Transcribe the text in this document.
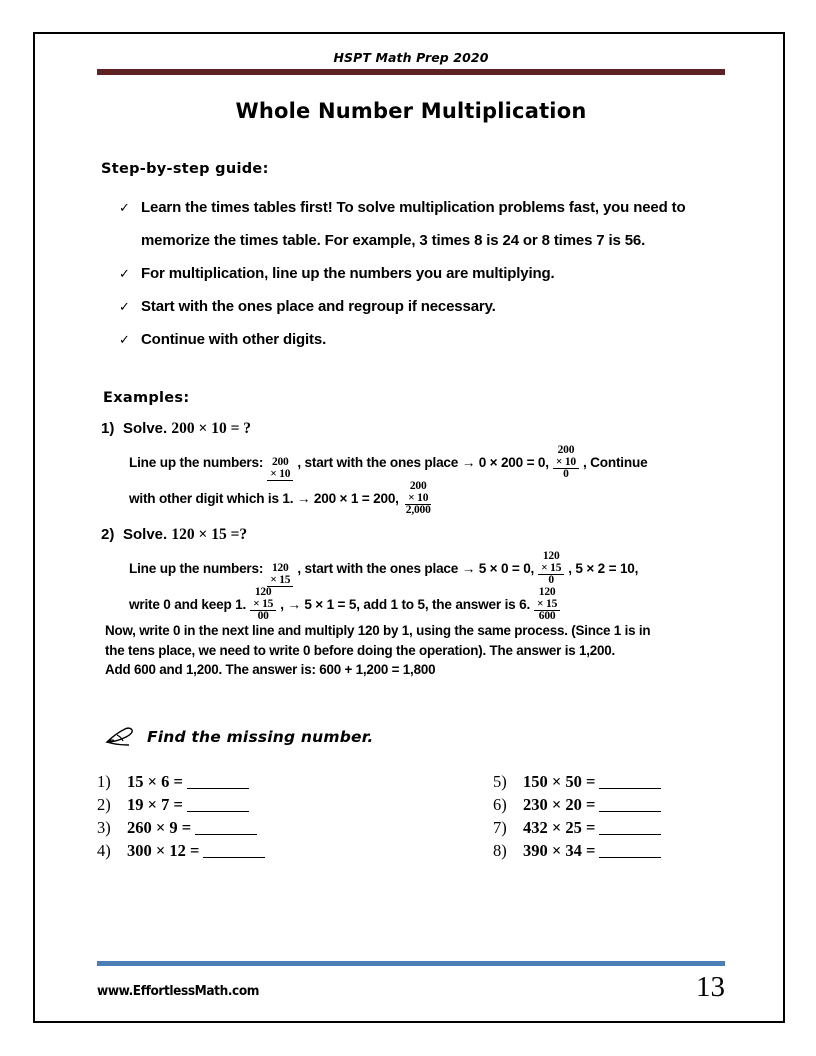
HSPT Math Prep 2020
Whole Number Multiplication
Step-by-step guide:
✓ Learn the times tables first! To solve multiplication problems fast, you need to memorize the times table. For example, 3 times 8 is 24 or 8 times 7 is 56.
✓ For multiplication, line up the numbers you are multiplying.
✓ Start with the ones place and regroup if necessary.
✓ Continue with other digits.
Examples:
1) Solve. 200 × 10 = ?
Line up the numbers: 200
× 10
, start with the ones place → 0 × 200 = 0,
200
× 10
0
, Continue
with other digit which is 1. → 200 × 1 = 200,
200
× 10
2,000
2) Solve. 120 × 15 =?
Line up the numbers: 120
× 15
, start with the ones place → 5 × 0 = 0,
120
× 15
0
, 5 × 2 = 10,
write 0 and keep 1.
120
× 15
00
, → 5 × 1 = 5, add 1 to 5, the answer is 6.
120
× 15
600
Now, write 0 in the next line and multiply 120 by 1, using the same process. (Since 1 is in
the tens place, we need to write 0 before doing the operation). The answer is 1,200.
Add 600 and 1,200. The answer is: 600 + 1,200 = 1,800
Find the missing number.
1) 15 × 6 =
2) 19 × 7 =
3) 260 × 9 =
4) 300 × 12 =
5) 150 × 50 =
6) 230 × 20 =
7) 432 × 25 =
8) 390 × 34 =
www.EffortlessMath.com	13
